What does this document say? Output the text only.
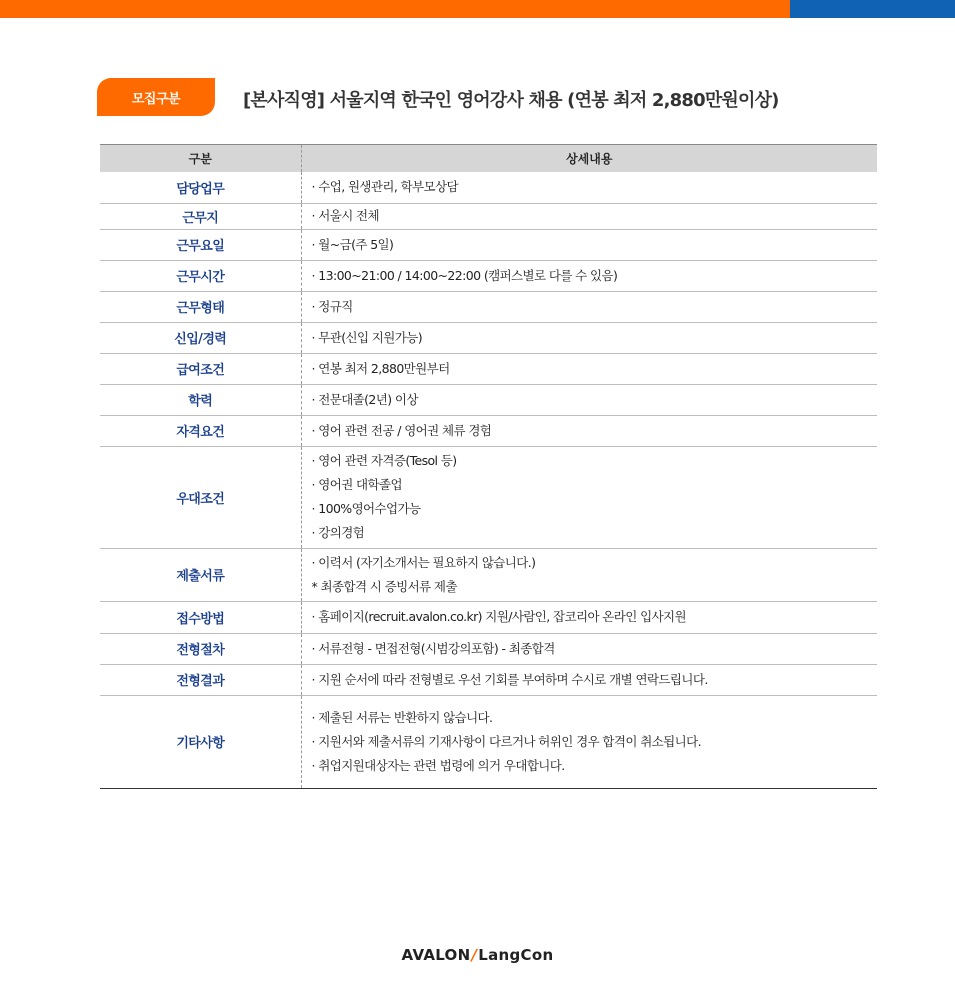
모집구분	[본사직영] 서울지역 한국인 영어강사 채용 (연봉 최저 2,880만원이상)
구분	상세내용
담당업무	· 수업, 원생관리, 학부모상담

근무지	· 서울시 전체

근무요일	· 월~금(주 5일)

근무시간	· 13:00~21:00 / 14:00~22:00 (캠퍼스별로 다를 수 있음)

근무형태	· 정규직

신입/경력	· 무관(신입 지원가능)

급여조건	· 연봉 최저 2,880만원부터

학력	· 전문대졸(2년) 이상

자격요건	· 영어 관련 전공 / 영어권 체류 경험

우대조건	· 영어 관련 자격증(Tesol 등)
· 영어권 대학졸업
· 100%영어수업가능
· 강의경험

제출서류	· 이력서 (자기소개서는 필요하지 않습니다.)
* 최종합격 시 증빙서류 제출

접수방법	· 홈페이지(recruit.avalon.co.kr) 지원/사람인, 잡코리아 온라인 입사지원

전형절차	· 서류전형 - 면접전형(시범강의포함) - 최종합격

전형결과	· 지원 순서에 따라 전형별로 우선 기회를 부여하며 수시로 개별 연락드립니다.

기타사항	· 제출된 서류는 반환하지 않습니다.
· 지원서와 제출서류의 기재사항이 다르거나 허위인 경우 합격이 취소됩니다.
· 취업지원대상자는 관련 법령에 의거 우대합니다.
AVALON/LangCon
